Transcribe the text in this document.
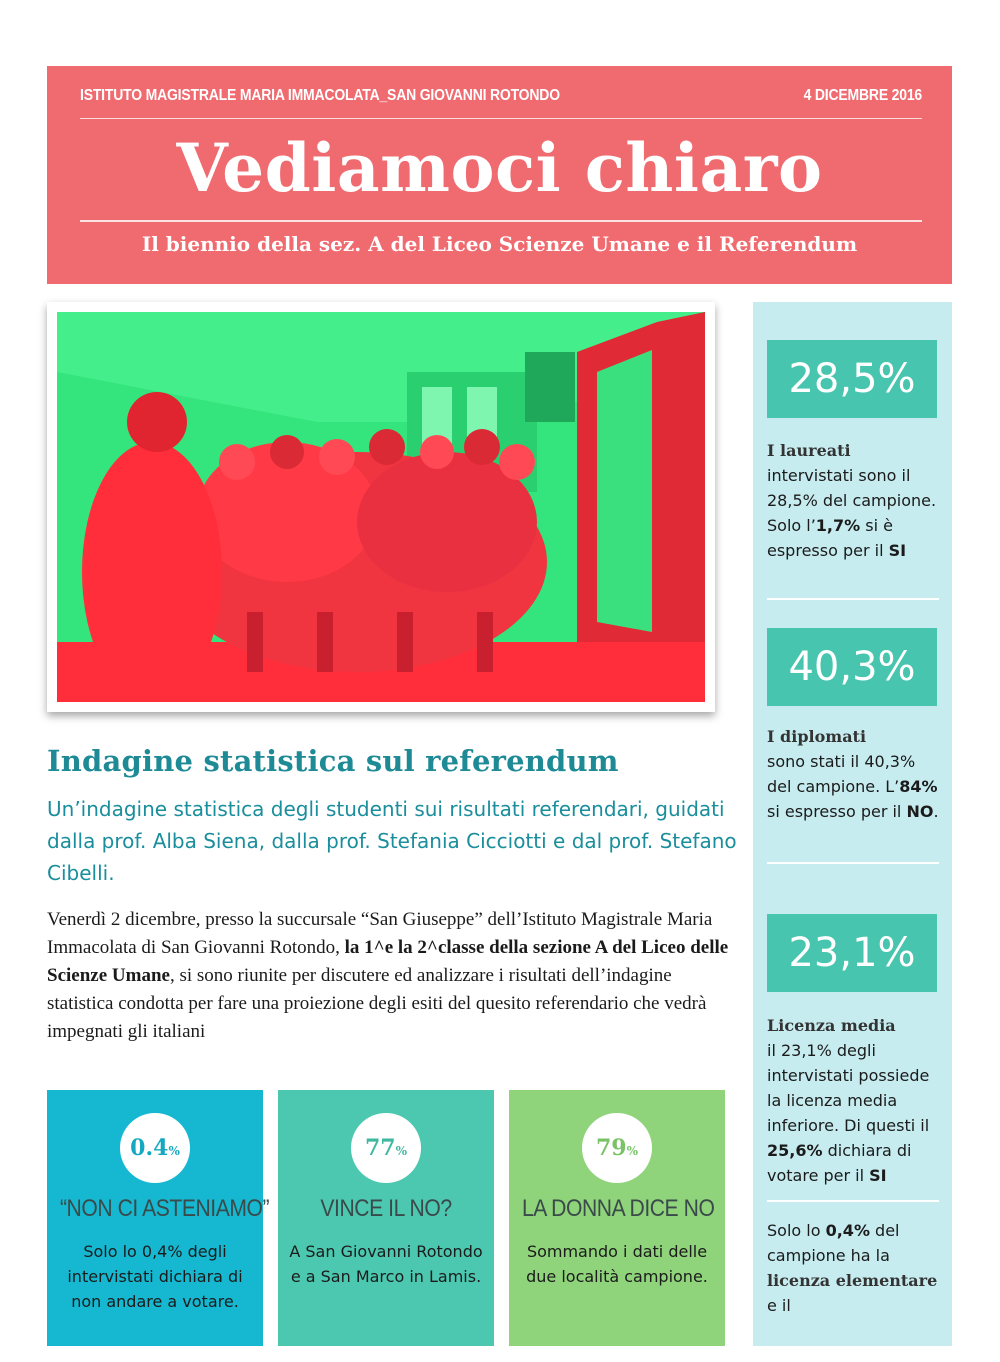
ISTITUTO MAGISTRALE MARIA IMMACOLATA_SAN GIOVANNI ROTONDO	4 DICEMBRE 2016
Vediamoci chiaro
Il biennio della sez. A del Liceo Scienze Umane e il Referendum
Indagine statistica sul referendum
Un’indagine statistica degli studenti sui risultati referendari, guidati dalla prof. Alba Siena, dalla prof. Stefania Cicciotti e dal prof. Stefano Cibelli.
Venerdì 2 dicembre, presso la succursale “San Giuseppe” dell’Istituto Magistrale Maria Immacolata di San Giovanni Rotondo, la 1^e la 2^classe della sezione A del Liceo delle Scienze Umane, si sono riunite per discutere ed analizzare i risultati dell’indagine statistica condotta per fare una proiezione degli esiti del quesito referendario che vedrà impegnati gli italiani
0.4 %
“NON CI ASTENIAMO”
Solo lo 0,4% degli intervistati dichiara di non andare a votare.
77 %
VINCE IL NO?
A San Giovanni Rotondo e a San Marco in Lamis.
79 %
LA DONNA DICE NO
Sommando i dati delle due località campione.
28,5%
I laureati
intervistati sono il 28,5% del campione. Solo l’1,7% si è espresso per il SI
40,3%
I diplomati
sono stati il 40,3% del campione. L’84% si espresso per il NO.
23,1%
Licenza media
il 23,1% degli intervistati possiede la licenza media inferiore. Di questi il 25,6% dichiara di votare per il SI
Solo lo 0,4% del campione ha la licenza elementare e il
